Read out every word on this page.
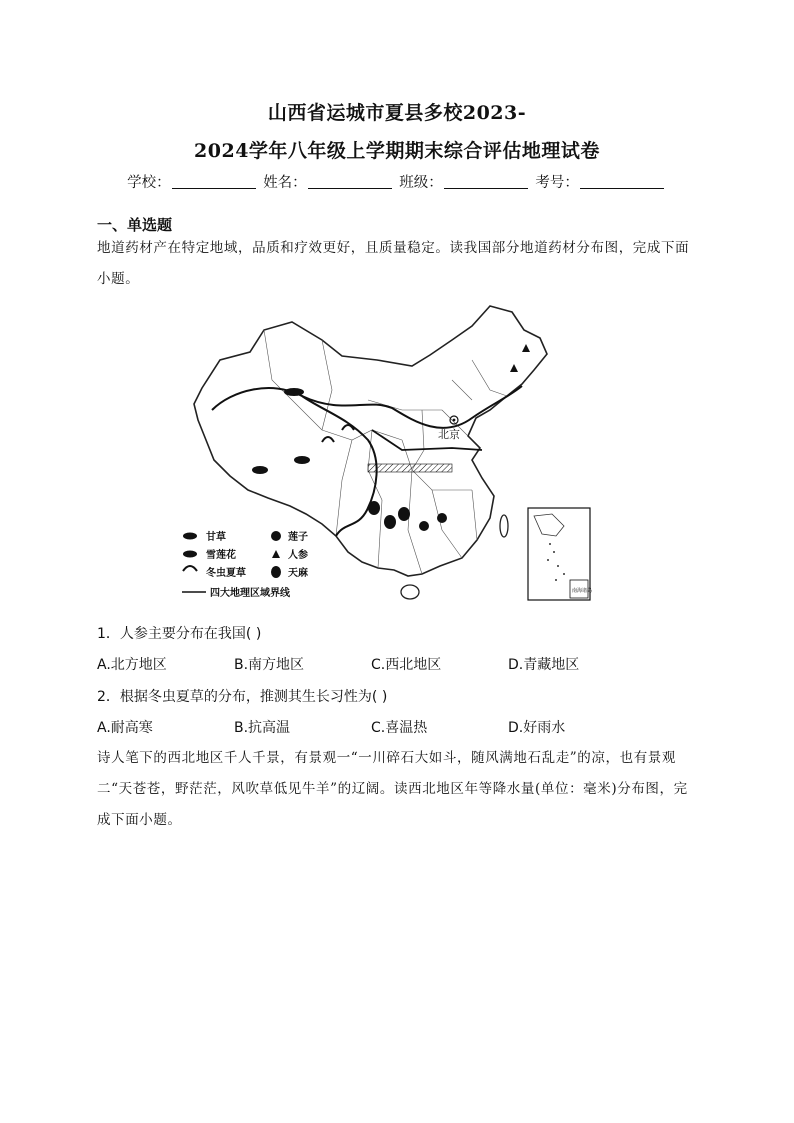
山西省运城市夏县多校2023-
2024学年八年级上学期期末综合评估地理试卷
学校：	姓名：	班级：	考号：
一、单选题
地道药材产在特定地域，品质和疗效更好，且质量稳定。读我国部分地道药材分布图，完成下面小题。
北京
甘草
雪莲花
冬虫夏草
莲子
人参
天麻
四大地理区域界线	南海诸岛
1．人参主要分布在我国( )
A.北方地区	B.南方地区	C.西北地区	D.青藏地区
2．根据冬虫夏草的分布，推测其生长习性为( )
A.耐高寒	B.抗高温	C.喜温热	D.好雨水
诗人笔下的西北地区千人千景，有景观一“一川碎石大如斗，随风满地石乱走”的凉，也有景观二“天苍苍，野茫茫，风吹草低见牛羊”的辽阔。读西北地区年等降水量(单位：毫米)分布图，完成下面小题。
